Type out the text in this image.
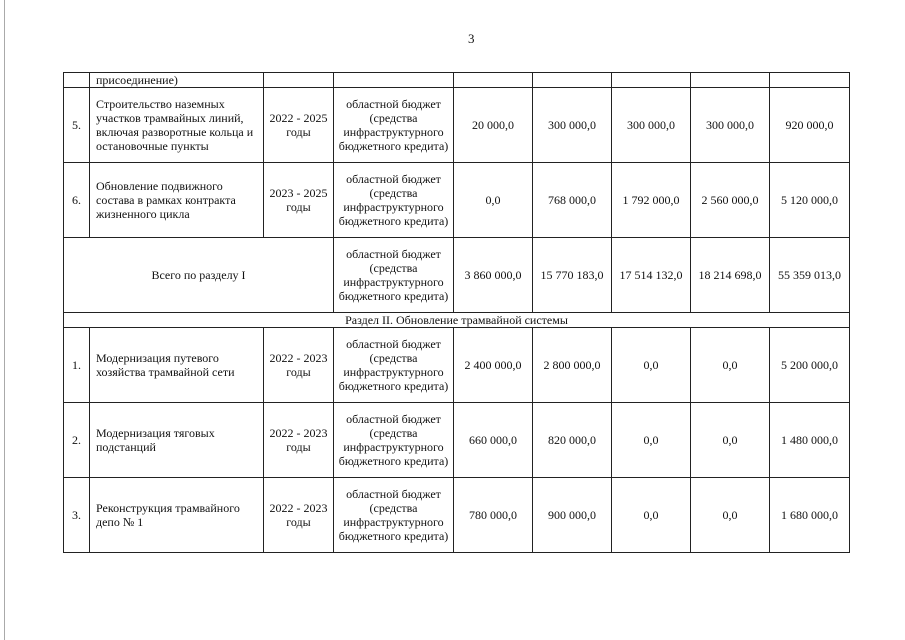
3
	присоединение)							
5.	Строительство наземных участков трамвайных линий, включая разворотные кольца и остановочные пункты	2022 - 2025 годы	областной бюджет (средства инфраструктурного бюджетного кредита)	20 000,0	300 000,0	300 000,0	300 000,0	920 000,0
6.	Обновление подвижного состава в рамках контракта жизненного цикла	2023 - 2025 годы	областной бюджет (средства инфраструктурного бюджетного кредита)	0,0	768 000,0	1 792 000,0	2 560 000,0	5 120 000,0
Всего по разделу I			областной бюджет (средства инфраструктурного бюджетного кредита)	3 860 000,0	15 770 183,0	17 514 132,0	18 214 698,0	55 359 013,0
Раздел II. Обновление трамвайной системы								
1.	Модернизация путевого хозяйства трамвайной сети	2022 - 2023 годы	областной бюджет (средства инфраструктурного бюджетного кредита)	2 400 000,0	2 800 000,0	0,0	0,0	5 200 000,0
2.	Модернизация тяговых подстанций	2022 - 2023 годы	областной бюджет (средства инфраструктурного бюджетного кредита)	660 000,0	820 000,0	0,0	0,0	1 480 000,0
3.	Реконструкция трамвайного депо № 1	2022 - 2023 годы	областной бюджет (средства инфраструктурного бюджетного кредита)	780 000,0	900 000,0	0,0	0,0	1 680 000,0
